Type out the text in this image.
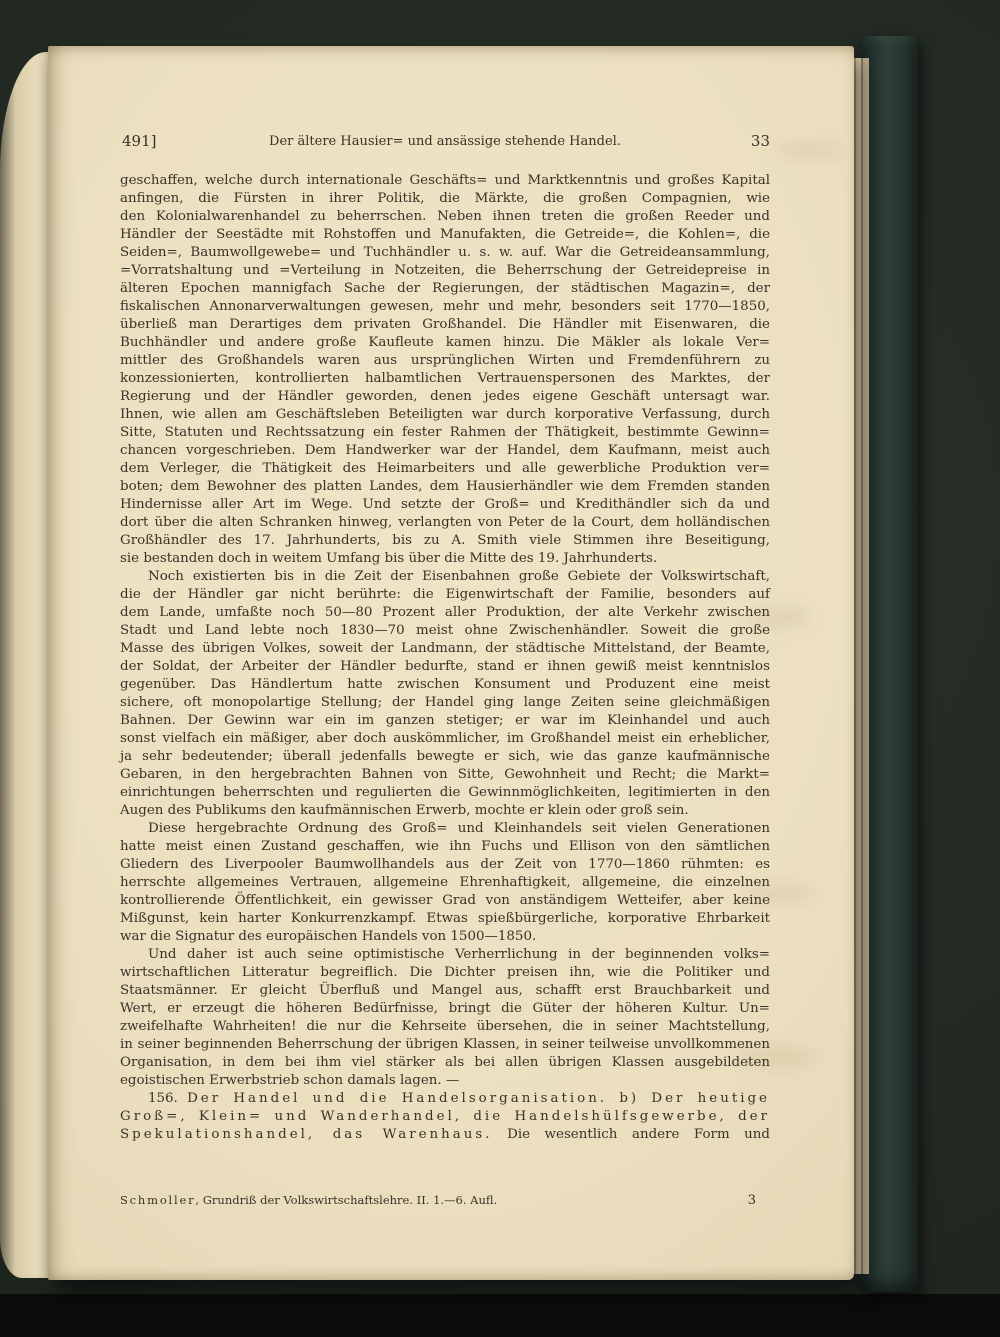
491]	Der ältere Hausier= und ansässige stehende Handel.	33
geschaffen, welche durch internationale Geschäfts= und Marktkenntnis und großes Kapital
anfingen, die Fürsten in ihrer Politik, die Märkte, die großen Compagnien, wie
den Kolonialwarenhandel zu beherrschen. Neben ihnen treten die großen Reeder und
Händler der Seestädte mit Rohstoffen und Manufakten, die Getreide=, die Kohlen=, die
Seiden=, Baumwollgewebe= und Tuchhändler u. s. w. auf. War die Getreideansammlung,
=Vorratshaltung und =Verteilung in Notzeiten, die Beherrschung der Getreidepreise in
älteren Epochen mannigfach Sache der Regierungen, der städtischen Magazin=, der
fiskalischen Annonarverwaltungen gewesen, mehr und mehr, besonders seit 1770—1850,
überließ man Derartiges dem privaten Großhandel. Die Händler mit Eisenwaren, die
Buchhändler und andere große Kaufleute kamen hinzu. Die Mäkler als lokale Ver=
mittler des Großhandels waren aus ursprünglichen Wirten und Fremdenführern zu
konzessionierten, kontrollierten halbamtlichen Vertrauenspersonen des Marktes, der
Regierung und der Händler geworden, denen jedes eigene Geschäft untersagt war.
Ihnen, wie allen am Geschäftsleben Beteiligten war durch korporative Verfassung, durch
Sitte, Statuten und Rechtssatzung ein fester Rahmen der Thätigkeit, bestimmte Gewinn=
chancen vorgeschrieben. Dem Handwerker war der Handel, dem Kaufmann, meist auch
dem Verleger, die Thätigkeit des Heimarbeiters und alle gewerbliche Produktion ver=
boten; dem Bewohner des platten Landes, dem Hausierhändler wie dem Fremden standen
Hindernisse aller Art im Wege. Und setzte der Groß= und Kredithändler sich da und
dort über die alten Schranken hinweg, verlangten von Peter de la Court, dem holländischen
Großhändler des 17. Jahrhunderts, bis zu A. Smith viele Stimmen ihre Beseitigung,
sie bestanden doch in weitem Umfang bis über die Mitte des 19. Jahrhunderts.
Noch existierten bis in die Zeit der Eisenbahnen große Gebiete der Volkswirtschaft,
die der Händler gar nicht berührte: die Eigenwirtschaft der Familie, besonders auf
dem Lande, umfaßte noch 50—80 Prozent aller Produktion, der alte Verkehr zwischen
Stadt und Land lebte noch 1830—70 meist ohne Zwischenhändler. Soweit die große
Masse des übrigen Volkes, soweit der Landmann, der städtische Mittelstand, der Beamte,
der Soldat, der Arbeiter der Händler bedurfte, stand er ihnen gewiß meist kenntnislos
gegenüber. Das Händlertum hatte zwischen Konsument und Produzent eine meist
sichere, oft monopolartige Stellung; der Handel ging lange Zeiten seine gleichmäßigen
Bahnen. Der Gewinn war ein im ganzen stetiger; er war im Kleinhandel und auch
sonst vielfach ein mäßiger, aber doch auskömmlicher, im Großhandel meist ein erheblicher,
ja sehr bedeutender; überall jedenfalls bewegte er sich, wie das ganze kaufmännische
Gebaren, in den hergebrachten Bahnen von Sitte, Gewohnheit und Recht; die Markt=
einrichtungen beherrschten und regulierten die Gewinnmöglichkeiten, legitimierten in den
Augen des Publikums den kaufmännischen Erwerb, mochte er klein oder groß sein.
Diese hergebrachte Ordnung des Groß= und Kleinhandels seit vielen Generationen
hatte meist einen Zustand geschaffen, wie ihn Fuchs und Ellison von den sämtlichen
Gliedern des Liverpooler Baumwollhandels aus der Zeit von 1770—1860 rühmten: es
herrschte allgemeines Vertrauen, allgemeine Ehrenhaftigkeit, allgemeine, die einzelnen
kontrollierende Öffentlichkeit, ein gewisser Grad von anständigem Wetteifer, aber keine
Mißgunst, kein harter Konkurrenzkampf. Etwas spießbürgerliche, korporative Ehrbarkeit
war die Signatur des europäischen Handels von 1500—1850.
Und daher ist auch seine optimistische Verherrlichung in der beginnenden volks=
wirtschaftlichen Litteratur begreiflich. Die Dichter preisen ihn, wie die Politiker und
Staatsmänner. Er gleicht Überfluß und Mangel aus, schafft erst Brauchbarkeit und
Wert, er erzeugt die höheren Bedürfnisse, bringt die Güter der höheren Kultur. Un=
zweifelhafte Wahrheiten! die nur die Kehrseite übersehen, die in seiner Machtstellung,
in seiner beginnenden Beherrschung der übrigen Klassen, in seiner teilweise unvollkommenen
Organisation, in dem bei ihm viel stärker als bei allen übrigen Klassen ausgebildeten
egoistischen Erwerbstrieb schon damals lagen. —
156. Der Handel und die Handelsorganisation. b) Der heutige
Groß=, Klein= und Wanderhandel, die Handelshülfsgewerbe, der
Spekulationshandel, das Warenhaus. Die wesentlich andere Form und
Schmoller, Grundriß der Volkswirtschaftslehre. II. 1.—6. Aufl.	3
